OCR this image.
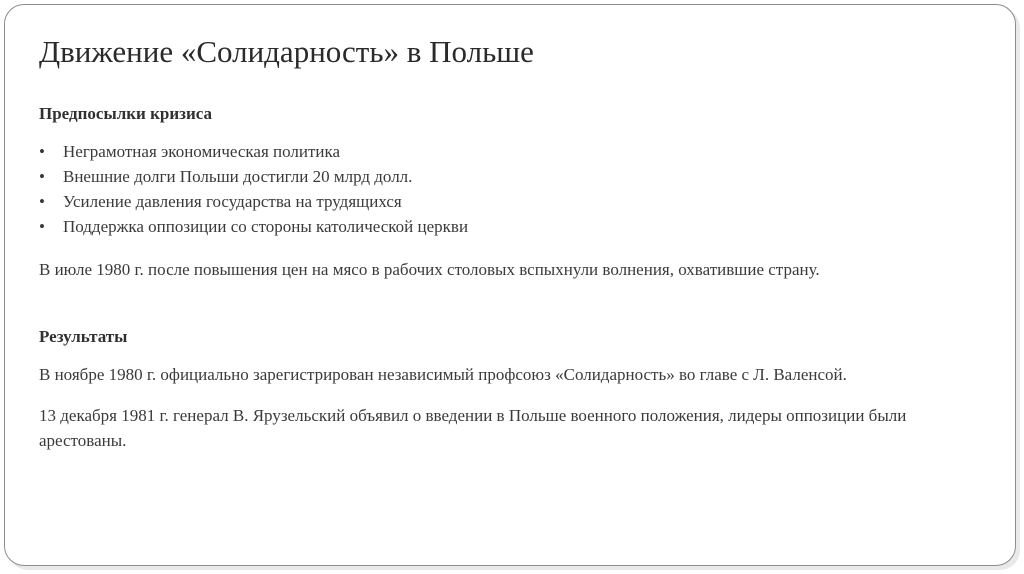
Движение «Солидарность» в Польше

Предпосылки кризиса

• Неграмотная экономическая политика
• Внешние долги Польши достигли 20 млрд долл.
• Усиление давления государства на трудящихся
• Поддержка оппозиции со стороны католической церкви

В июле 1980 г. после повышения цен на мясо в рабочих столовых вспыхнули волнения, охватившие страну.

Результаты

В ноябре 1980 г. официально зарегистрирован независимый профсоюз «Солидарность» во главе с Л. Валенсой.

13 декабря 1981 г. генерал В. Ярузельский объявил о введении в Польше военного положения, лидеры оппозиции были арестованы.
